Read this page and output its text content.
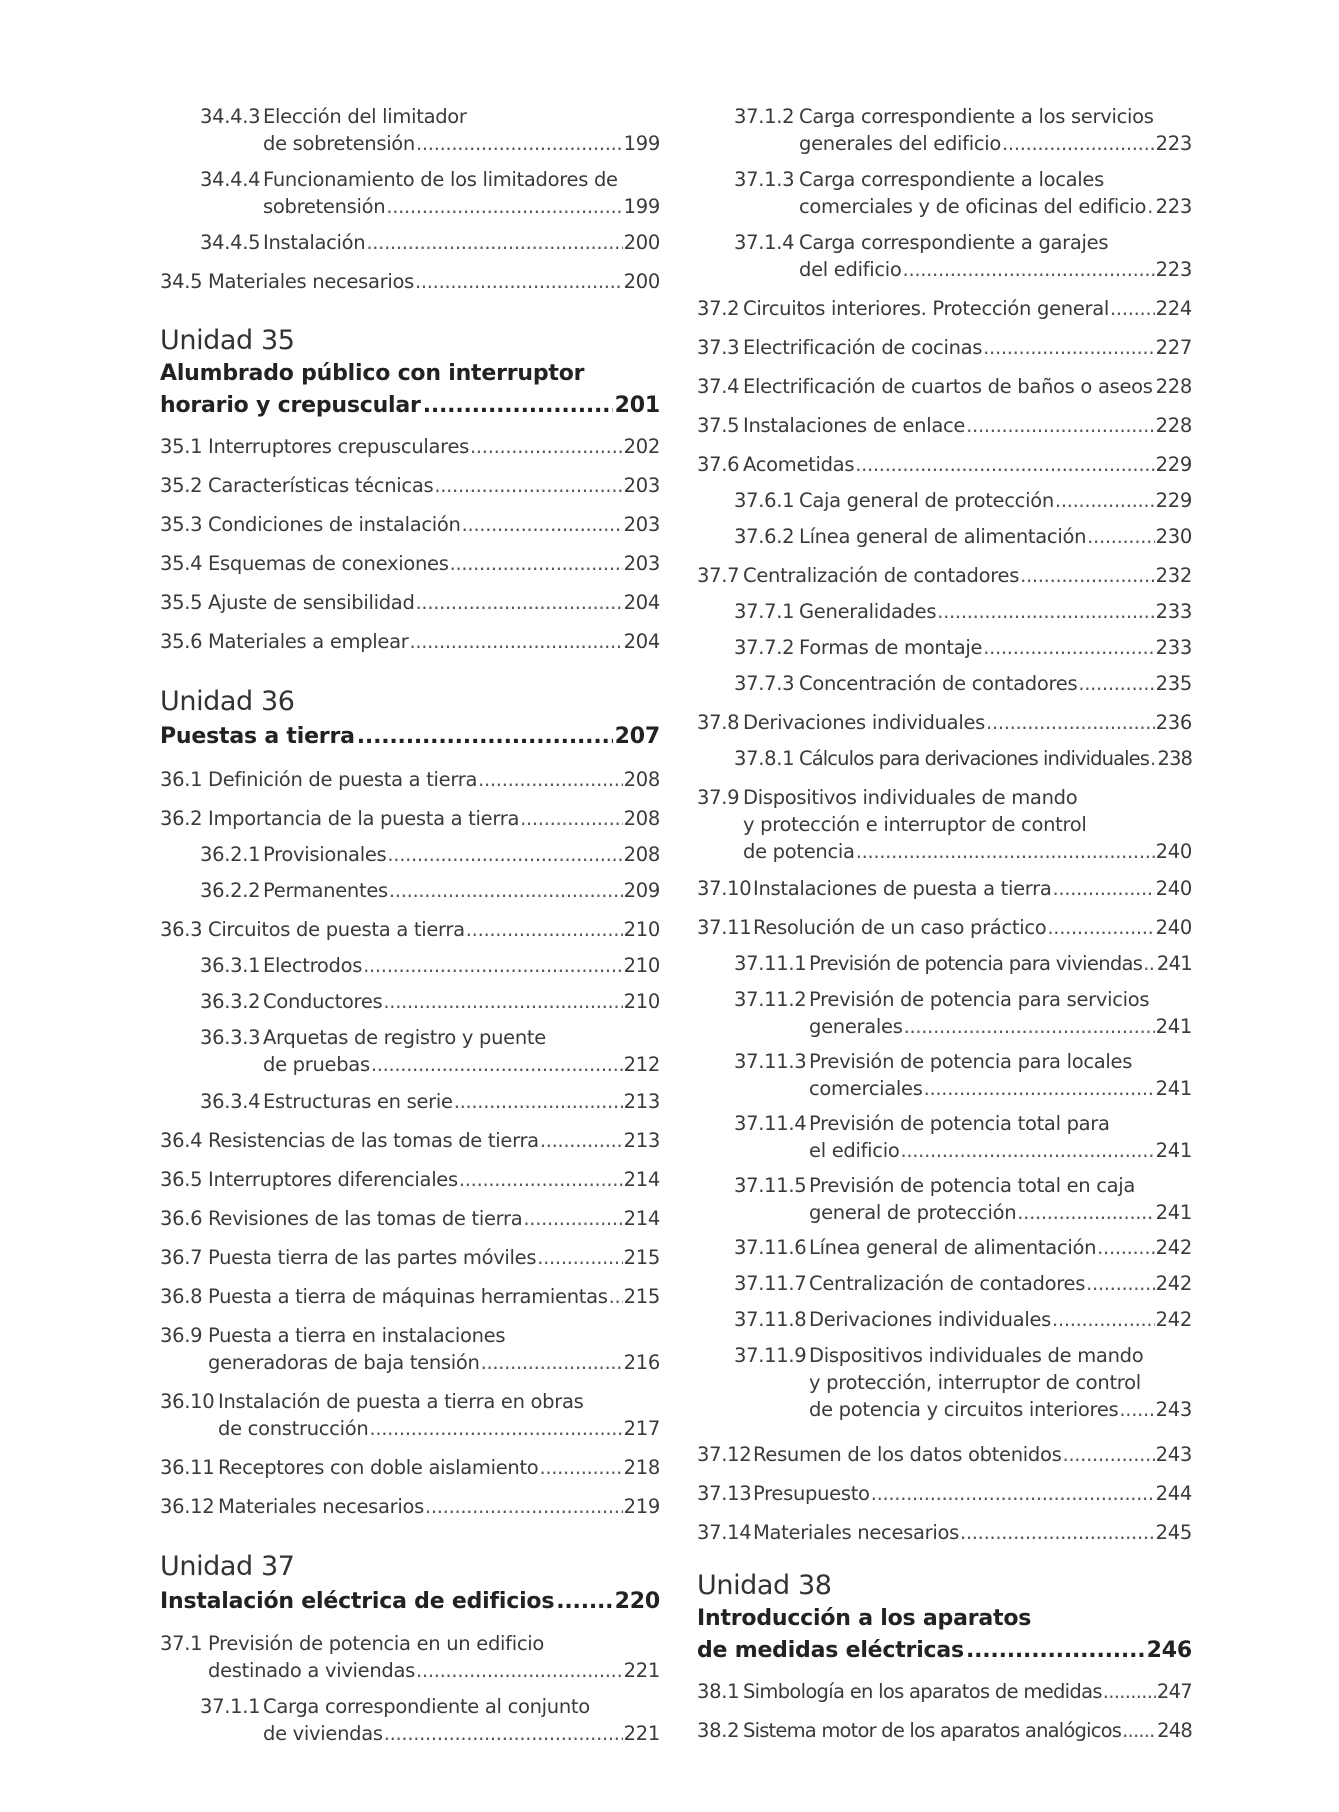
34.4.3 Elección del limitador
de sobretensión .....	199
34.4.4 Funcionamiento de los limitadores de
sobretensión .....	199
34.4.5 Instalación .....	200
34.5 Materiales necesarios .....	200
Unidad 35
Alumbrado público con interruptor
horario y crepuscular .....	201
35.1 Interruptores crepusculares .....	202
35.2 Características técnicas .....	203
35.3 Condiciones de instalación .....	203
35.4 Esquemas de conexiones .....	203
35.5 Ajuste de sensibilidad .....	204
35.6 Materiales a emplear .....	204
Unidad 36
Puestas a tierra .....	207
36.1 Definición de puesta a tierra .....	208
36.2 Importancia de la puesta a tierra .....	208
36.2.1 Provisionales .....	208
36.2.2 Permanentes .....	209
36.3 Circuitos de puesta a tierra .....	210
36.3.1 Electrodos .....	210
36.3.2 Conductores .....	210
36.3.3 Arquetas de registro y puente
de pruebas .....	212
36.3.4 Estructuras en serie .....	213
36.4 Resistencias de las tomas de tierra .....	213
36.5 Interruptores diferenciales .....	214
36.6 Revisiones de las tomas de tierra .....	214
36.7 Puesta tierra de las partes móviles .....	215
36.8 Puesta a tierra de máquinas herramientas ..... 215
36.9 Puesta a tierra en instalaciones
generadoras de baja tensión .....	216
36.10 Instalación de puesta a tierra en obras
de construcción .....	217
36.11 Receptores con doble aislamiento .....	218
36.12 Materiales necesarios .....	219
Unidad 37
Instalación eléctrica de edificios .....	220
37.1 Previsión de potencia en un edificio
destinado a viviendas .....	221
37.1.1 Carga correspondiente al conjunto
de viviendas .....	221
37.1.2 Carga correspondiente a los servicios
generales del edificio .....	223
37.1.3 Carga correspondiente a locales
comerciales y de oficinas del edificio ..... 223
37.1.4 Carga correspondiente a garajes
del edificio .....	223
37.2 Circuitos interiores. Protección general ..... 224
37.3 Electrificación de cocinas .....	227
37.4 Electrificación de cuartos de baños o aseos ..... 228
37.5 Instalaciones de enlace .....	228
37.6 Acometidas .....	229
37.6.1 Caja general de protección .....	229
37.6.2 Línea general de alimentación .....	230
37.7 Centralización de contadores .....	232
37.7.1 Generalidades .....	233
37.7.2 Formas de montaje .....	233
37.7.3 Concentración de contadores .....	235
37.8 Derivaciones individuales .....	236
37.8.1 Cálculos para derivaciones individuales ..... 238
37.9 Dispositivos individuales de mando
y protección e interruptor de control
de potencia .....	240
37.10 Instalaciones de puesta a tierra .....	240
37.11 Resolución de un caso práctico .....	240
37.11.1 Previsión de potencia para viviendas ..... 241
37.11.2 Previsión de potencia para servicios
generales .....	241
37.11.3 Previsión de potencia para locales
comerciales .....	241
37.11.4 Previsión de potencia total para
el edificio .....	241
37.11.5 Previsión de potencia total en caja
general de protección .....	241
37.11.6 Línea general de alimentación .....	242
37.11.7 Centralización de contadores .....	242
37.11.8 Derivaciones individuales .....	242
37.11.9 Dispositivos individuales de mando
y protección, interruptor de control
de potencia y circuitos interiores ..... 243
37.12 Resumen de los datos obtenidos .....	243
37.13 Presupuesto .....	244
37.14 Materiales necesarios .....	245
Unidad 38
Introducción a los aparatos
de medidas eléctricas .....	246
38.1 Simbología en los aparatos de medidas .....	247
38.2 Sistema motor de los aparatos analógicos ..... 248
